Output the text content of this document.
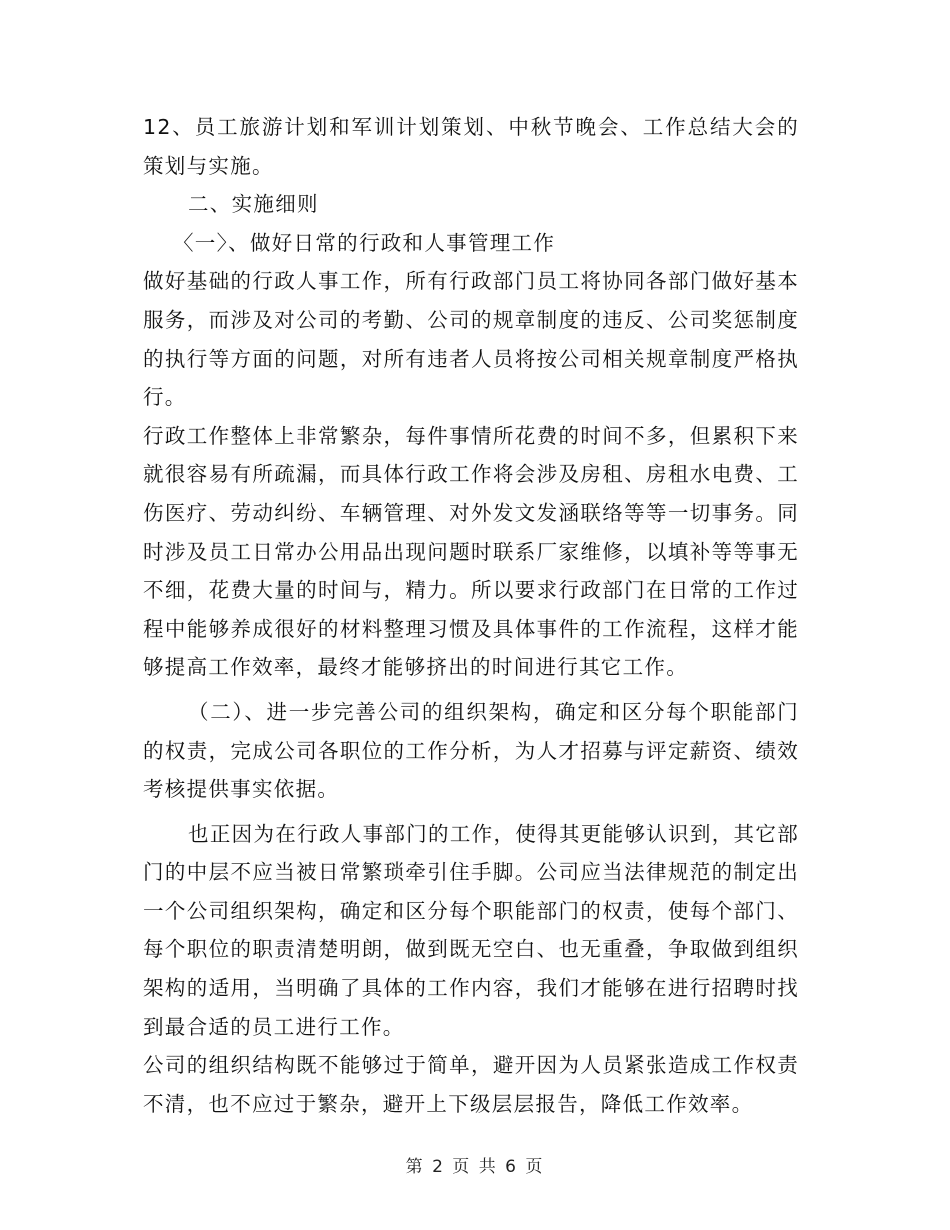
12、员工旅游计划和军训计划策划、中秋节晚会、工作总结大会的策划与实施。

二、实施细则

〈一〉、做好日常的行政和人事管理工作

做好基础的行政人事工作，所有行政部门员工将协同各部门做好基本服务，而涉及对公司的考勤、公司的规章制度的违反、公司奖惩制度的执行等方面的问题，对所有违者人员将按公司相关规章制度严格执行。

行政工作整体上非常繁杂，每件事情所花费的时间不多，但累积下来就很容易有所疏漏，而具体行政工作将会涉及房租、房租水电费、工伤医疗、劳动纠纷、车辆管理、对外发文发涵联络等等一切事务。同时涉及员工日常办公用品出现问题时联系厂家维修，以填补等等事无不细，花费大量的时间与，精力。所以要求行政部门在日常的工作过程中能够养成很好的材料整理习惯及具体事件的工作流程，这样才能够提高工作效率，最终才能够挤出的时间进行其它工作。

（二）、进一步完善公司的组织架构，确定和区分每个职能部门的权责，完成公司各职位的工作分析，为人才招募与评定薪资、绩效考核提供事实依据。

也正因为在行政人事部门的工作，使得其更能够认识到，其它部门的中层不应当被日常繁琐牵引住手脚。公司应当法律规范的制定出一个公司组织架构，确定和区分每个职能部门的权责，使每个部门、每个职位的职责清楚明朗，做到既无空白、也无重叠，争取做到组织架构的适用，当明确了具体的工作内容，我们才能够在进行招聘时找到最合适的员工进行工作。

公司的组织结构既不能够过于简单，避开因为人员紧张造成工作权责不清，也不应过于繁杂，避开上下级层层报告，降低工作效率。

第 2 页 共 6 页
